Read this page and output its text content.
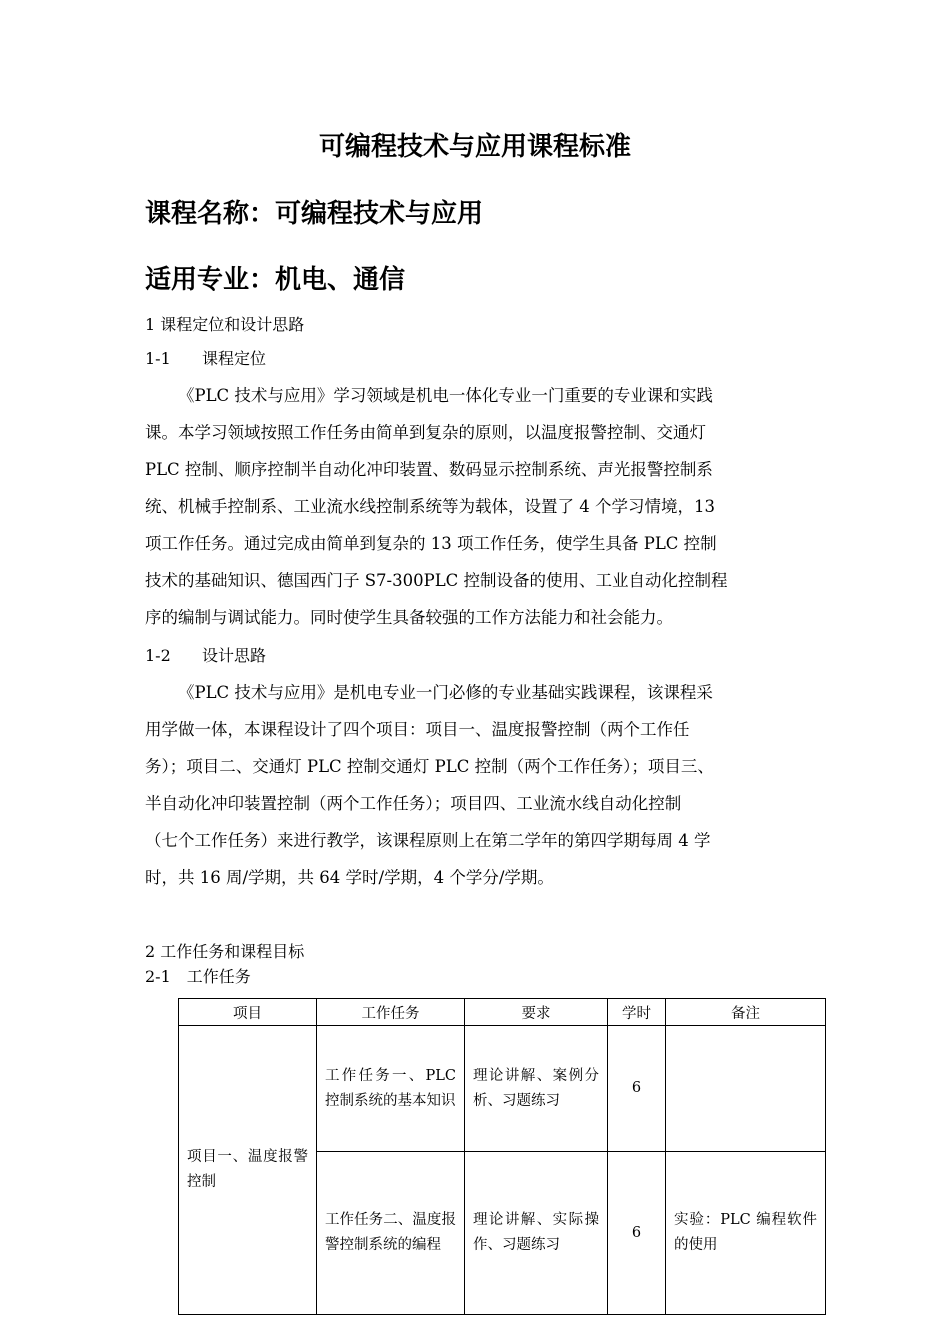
可编程技术与应用课程标准
课程名称：可编程技术与应用
适用专业：机电、通信
1 课程定位和设计思路
1-1 课程定位
《PLC 技术与应用》学习领域是机电一体化专业一门重要的专业课和实践
课。本学习领域按照工作任务由简单到复杂的原则，以温度报警控制、交通灯
PLC 控制、顺序控制半自动化冲印装置、数码显示控制系统、声光报警控制系
统、机械手控制系、工业流水线控制系统等为载体，设置了 4 个学习情境，13
项工作任务。通过完成由简单到复杂的 13 项工作任务，使学生具备 PLC 控制
技术的基础知识、德国西门子 S7-300PLC 控制设备的使用、工业自动化控制程
序的编制与调试能力。同时使学生具备较强的工作方法能力和社会能力。
1-2 设计思路
《PLC 技术与应用》是机电专业一门必修的专业基础实践课程，该课程采
用学做一体，本课程设计了四个项目：项目一、温度报警控制（两个工作任
务）；项目二、交通灯 PLC 控制交通灯 PLC 控制（两个工作任务）；项目三、
半自动化冲印装置控制（两个工作任务）；项目四、工业流水线自动化控制
（七个工作任务）来进行教学，该课程原则上在第二学年的第四学期每周 4 学
时，共 16 周/学期，共 64 学时/学期，4 个学分/学期。
2 工作任务和课程目标
2-1　工作任务
项目	工作任务	要求	学时	备注
项目一、温度报警控制	工作任务一、PLC 控制系统的基本知识	理论讲解、案例分析、习题练习	6	
	工作任务二、温度报警控制系统的编程	理论讲解、实际操作、习题练习	6	实验：PLC 编程软件的使用
